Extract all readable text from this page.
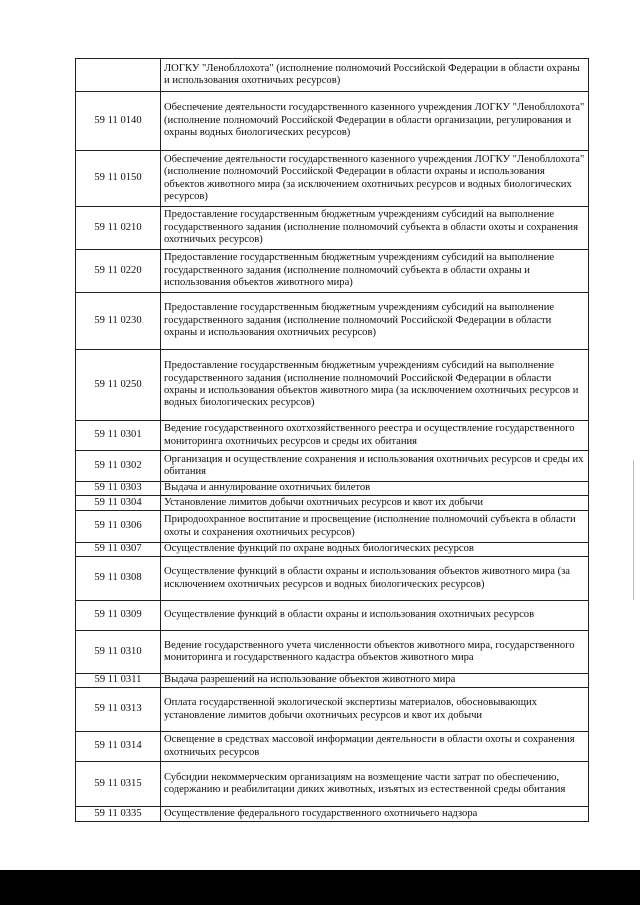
	ЛОГКУ "Ленобллохота" (исполнение полномочий Российской Федерации в области охраны и использования охотничьих ресурсов)
59 11 0140	Обеспечение деятельности государственного казенного учреждения ЛОГКУ "Ленобллохота" (исполнение полномочий Российской Федерации в области организации, регулирования и охраны водных биологических ресурсов)
59 11 0150	Обеспечение деятельности государственного казенного учреждения ЛОГКУ "Ленобллохота" (исполнение полномочий Российской Федерации в области охраны и использования объектов животного мира (за исключением охотничьих ресурсов и водных биологических ресурсов)
59 11 0210	Предоставление государственным бюджетным учреждениям субсидий на выполнение государственного задания (исполнение полномочий субъекта в области охоты и сохранения охотничьих ресурсов)
59 11 0220	Предоставление государственным бюджетным учреждениям субсидий на выполнение государственного задания (исполнение полномочий субъекта в области охраны и использования объектов животного мира)
59 11 0230	Предоставление государственным бюджетным учреждениям субсидий на выполнение государственного задания (исполнение полномочий Российской Федерации в области охраны и использования охотничьих ресурсов)
59 11 0250	Предоставление государственным бюджетным учреждениям субсидий на выполнение государственного задания (исполнение полномочий Российской Федерации в области охраны и использования объектов животного мира (за исключением охотничьих ресурсов и водных биологических ресурсов)
59 11 0301	Ведение государственного охотхозяйственного реестра и осуществление государственного мониторинга охотничьих ресурсов и среды их обитания
59 11 0302	Организация и осуществление сохранения и использования охотничьих ресурсов и среды их обитания
59 11 0303	Выдача и аннулирование охотничьих билетов
59 11 0304	Установление лимитов добычи охотничьих ресурсов и квот их добычи
59 11 0306	Природоохранное воспитание и просвещение (исполнение полномочий субъекта в области охоты и сохранения охотничьих ресурсов)
59 11 0307	Осуществление функций по охране водных биологических ресурсов
59 11 0308	Осуществление функций в области охраны и использования объектов животного мира (за исключением охотничьих ресурсов и водных биологических ресурсов)
59 11 0309	Осуществление функций в области охраны и использования охотничьих ресурсов
59 11 0310	Ведение государственного учета численности объектов животного мира, государственного мониторинга и государственного кадастра объектов животного мира
59 11 0311	Выдача разрешений на использование объектов животного мира
59 11 0313	Оплата государственной экологической экспертизы материалов, обосновывающих установление лимитов добычи охотничьих ресурсов и квот их добычи
59 11 0314	Освещение в средствах массовой информации деятельности в области охоты и сохранения охотничьих ресурсов
59 11 0315	Субсидии некоммерческим организациям на возмещение части затрат по обеспечению, содержанию и реабилитации диких животных, изъятых из естественной среды обитания
59 11 0335	Осуществление федерального государственного охотничьего надзора
